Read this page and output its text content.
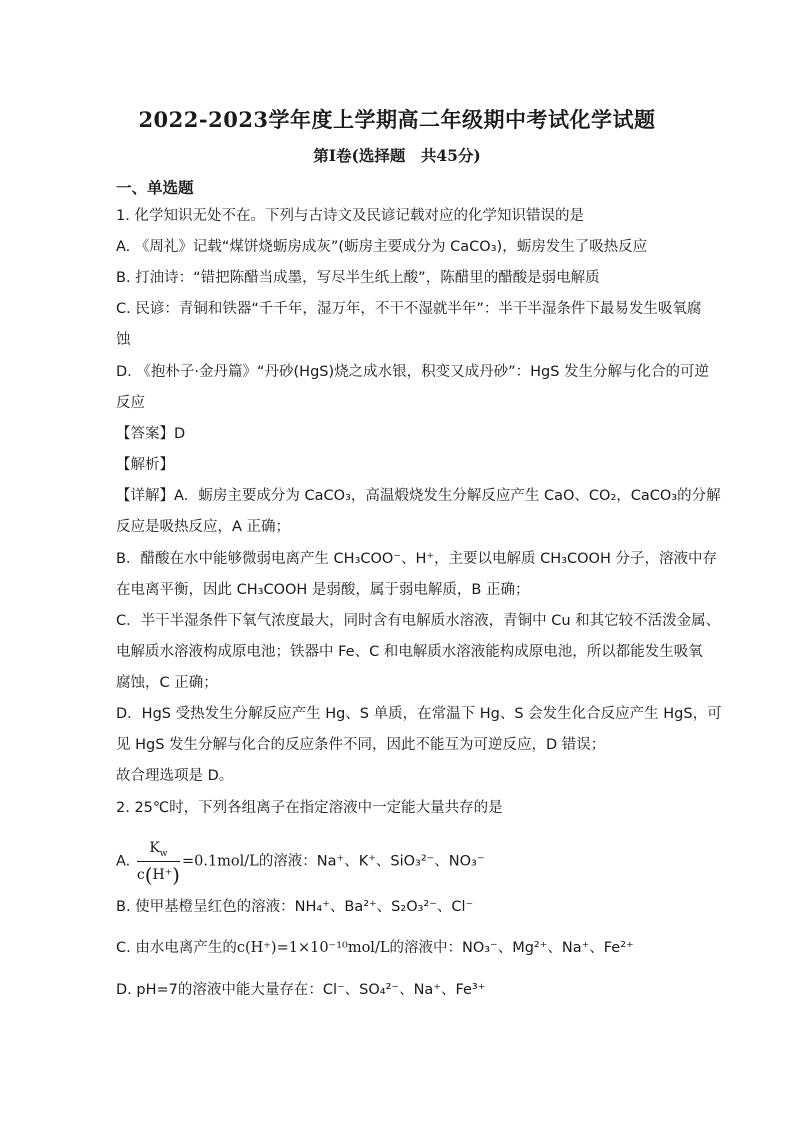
2022-2023学年度上学期高二年级期中考试化学试题
第Ⅰ卷(选择题　共45分)
一、单选题
1. 化学知识无处不在。下列与古诗文及民谚记载对应的化学知识错误的是
A. 《周礼》记载“煤饼烧蛎房成灰”(蛎房主要成分为 CaCO₃)，蛎房发生了吸热反应
B. 打油诗：“错把陈醋当成墨，写尽半生纸上酸”，陈醋里的醋酸是弱电解质
C. 民谚：青铜和铁器“千千年，湿万年，不干不湿就半年”：半干半湿条件下最易发生吸氧腐
蚀
D. 《抱朴子·金丹篇》“丹砂(HgS)烧之成水银，积变又成丹砂”：HgS 发生分解与化合的可逆
反应
【答案】D
【解析】
【详解】A．蛎房主要成分为 CaCO₃，高温煅烧发生分解反应产生 CaO、CO₂，CaCO₃的分解
反应是吸热反应，A 正确；
B．醋酸在水中能够微弱电离产生 CH₃COO⁻、H⁺，主要以电解质 CH₃COOH 分子，溶液中存
在电离平衡，因此 CH₃COOH 是弱酸，属于弱电解质，B 正确；
C．半干半湿条件下氧气浓度最大，同时含有电解质水溶液，青铜中 Cu 和其它较不活泼金属、
电解质水溶液构成原电池；铁器中 Fe、C 和电解质水溶液能构成原电池，所以都能发生吸氧
腐蚀，C 正确；
D．HgS 受热发生分解反应产生 Hg、S 单质，在常温下 Hg、S 会发生化合反应产生 HgS，可
见 HgS 发生分解与化合的反应条件不同，因此不能互为可逆反应，D 错误；
故合理选项是 D。
2. 25℃时，下列各组离子在指定溶液中一定能大量共存的是
A. $\frac{K_w}{c(H^+)} =0.1mol/L$的溶液：Na⁺、K⁺、SiO₃²⁻、NO₃⁻
B. 使甲基橙呈红色的溶液：NH₄⁺、Ba²⁺、S₂O₃²⁻、Cl⁻
C. 由水电离产生的c(H⁺)=1×10⁻¹⁰mol/L的溶液中：NO₃⁻、Mg²⁺、Na⁺、Fe²⁺
D. pH=7的溶液中能大量存在：Cl⁻、SO₄²⁻、Na⁺、Fe³⁺
